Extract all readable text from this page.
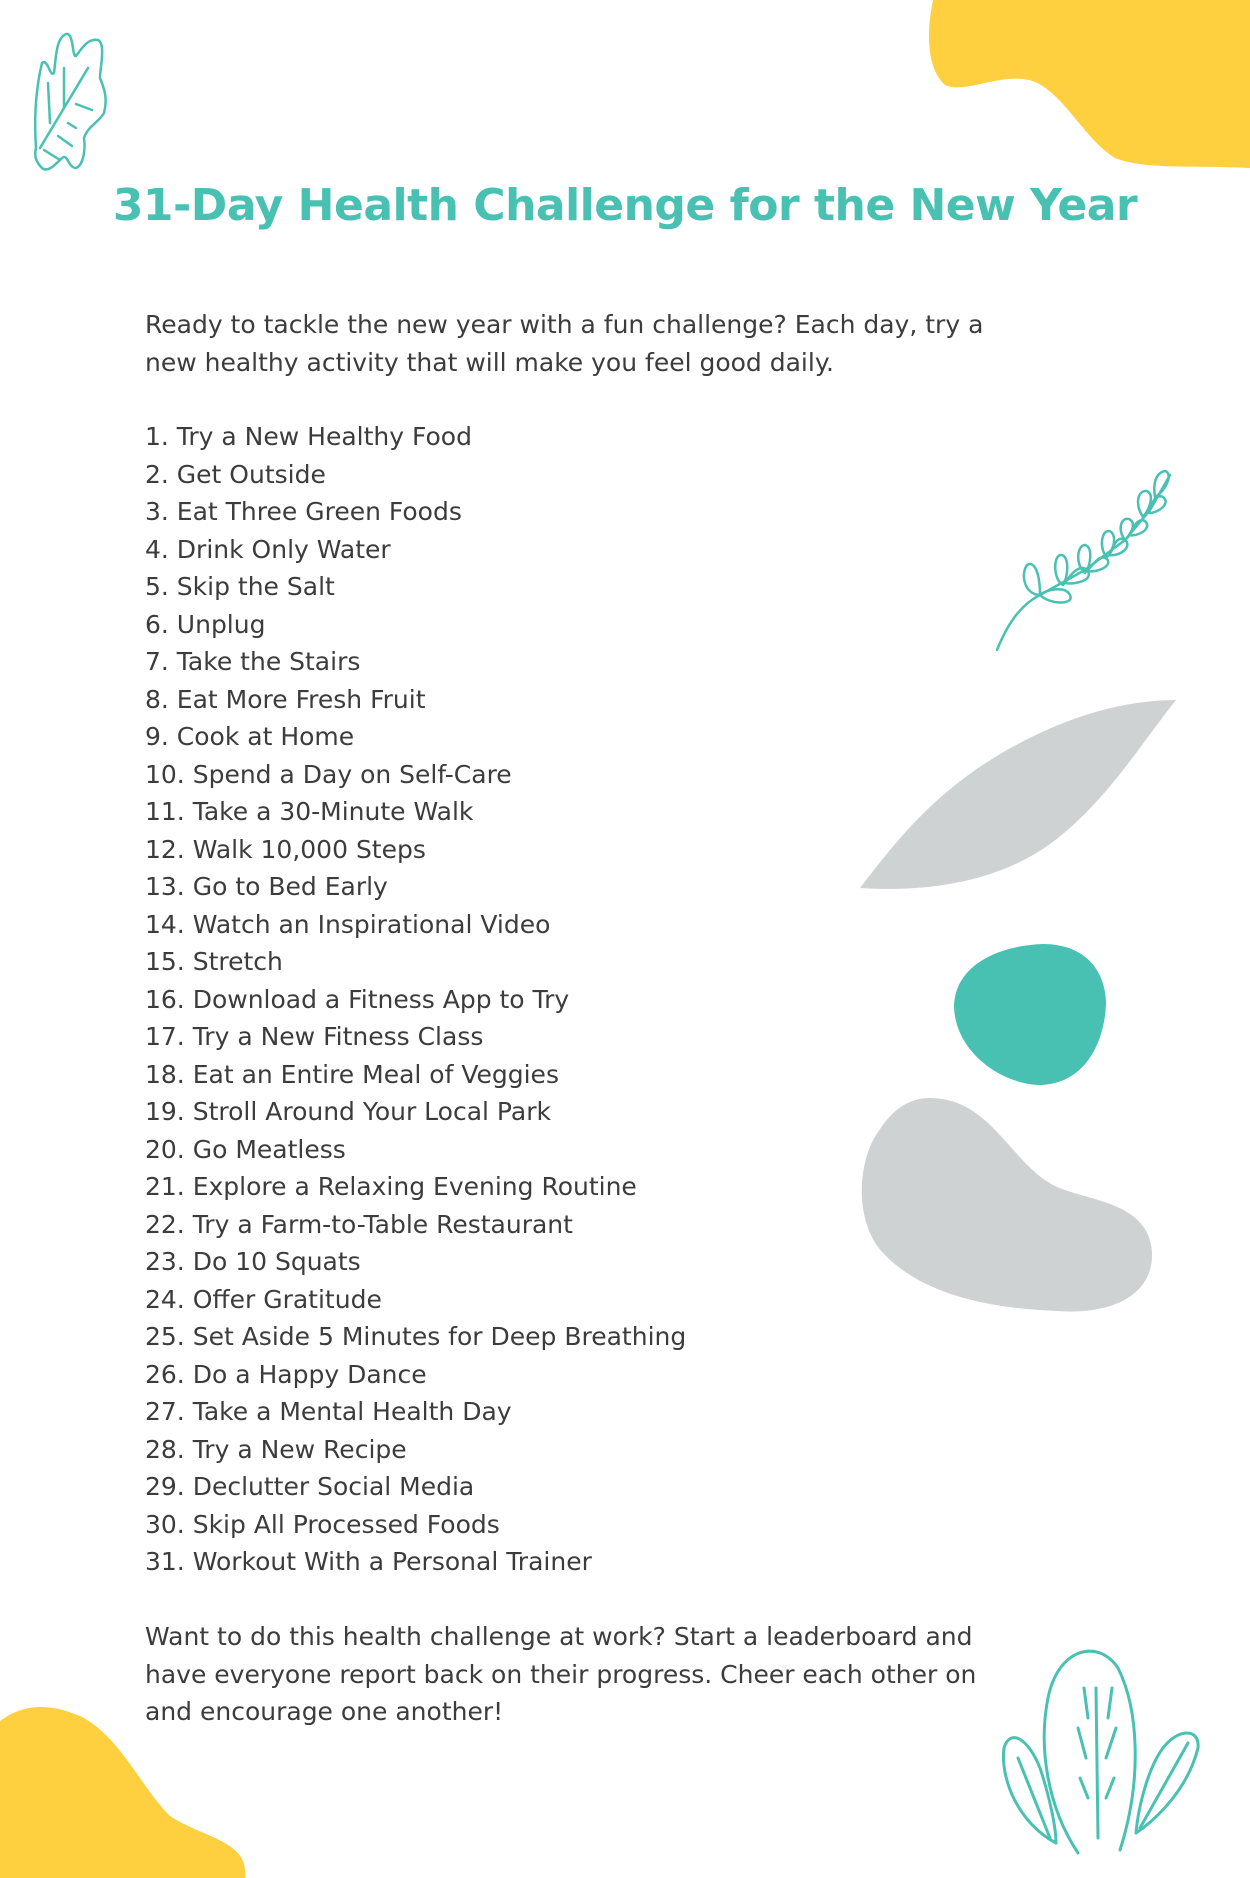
31-Day Health Challenge for the New Year

Ready to tackle the new year with a fun challenge? Each day, try a new healthy activity that will make you feel good daily.

1. Try a New Healthy Food
2. Get Outside
3. Eat Three Green Foods
4. Drink Only Water
5. Skip the Salt
6. Unplug
7. Take the Stairs
8. Eat More Fresh Fruit
9. Cook at Home
10. Spend a Day on Self-Care
11. Take a 30-Minute Walk
12. Walk 10,000 Steps
13. Go to Bed Early
14. Watch an Inspirational Video
15. Stretch
16. Download a Fitness App to Try
17. Try a New Fitness Class
18. Eat an Entire Meal of Veggies
19. Stroll Around Your Local Park
20. Go Meatless
21. Explore a Relaxing Evening Routine
22. Try a Farm-to-Table Restaurant
23. Do 10 Squats
24. Offer Gratitude
25. Set Aside 5 Minutes for Deep Breathing
26. Do a Happy Dance
27. Take a Mental Health Day
28. Try a New Recipe
29. Declutter Social Media
30. Skip All Processed Foods
31. Workout With a Personal Trainer

Want to do this health challenge at work? Start a leaderboard and have everyone report back on their progress. Cheer each other on and encourage one another!
